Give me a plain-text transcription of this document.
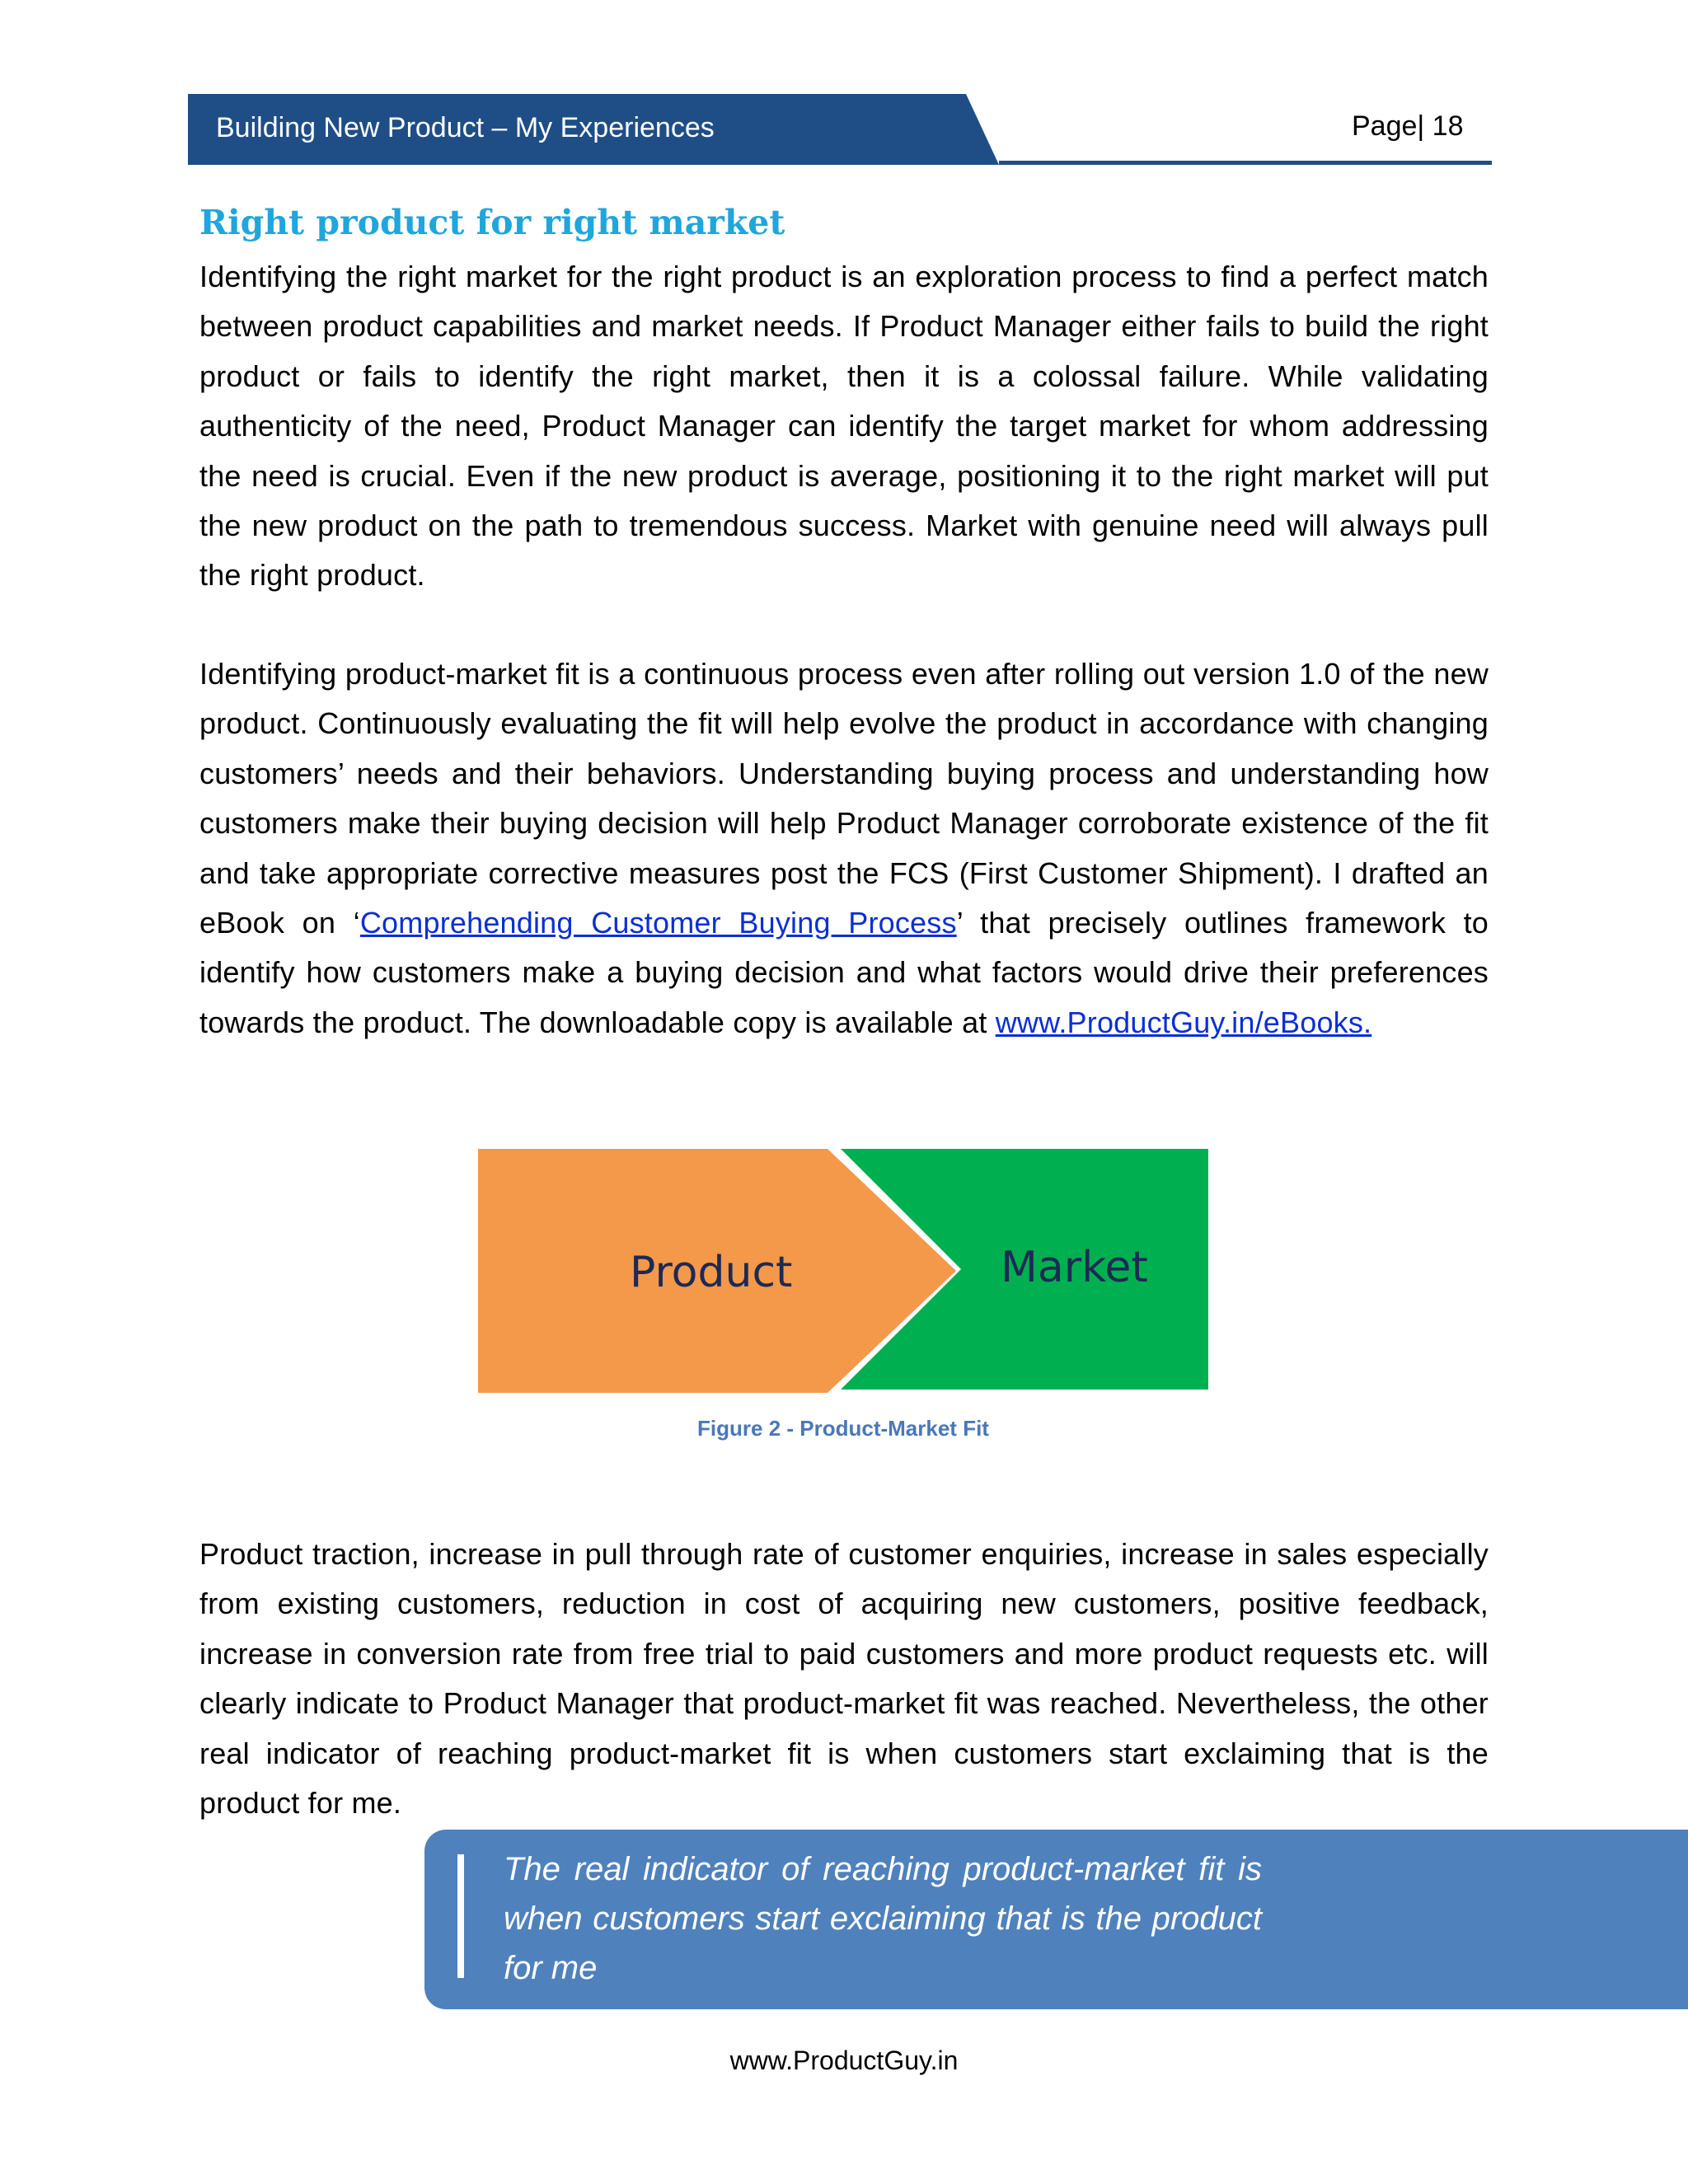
Building New Product – My Experiences	Page| 18
Right product for right market
Identifying the right market for the right product is an exploration process to find a perfect match between product capabilities and market needs. If Product Manager either fails to build the right product or fails to identify the right market, then it is a colossal failure. While validating authenticity of the need, Product Manager can identify the target market for whom addressing the need is crucial. Even if the new product is average, positioning it to the right market will put the new product on the path to tremendous success. Market with genuine need will always pull the right product.
Identifying product-market fit is a continuous process even after rolling out version 1.0 of the new product. Continuously evaluating the fit will help evolve the product in accordance with changing customers’ needs and their behaviors. Understanding buying process and understanding how customers make their buying decision will help Product Manager corroborate existence of the fit and take appropriate corrective measures post the FCS (First Customer Shipment). I drafted an eBook on ‘Comprehending Customer Buying Process’ that precisely outlines framework to identify how customers make a buying decision and what factors would drive their preferences towards the product. The downloadable copy is available at www.ProductGuy.in/eBooks.
Product	Market
Figure 2 - Product-Market Fit
Product traction, increase in pull through rate of customer enquiries, increase in sales especially from existing customers, reduction in cost of acquiring new customers, positive feedback, increase in conversion rate from free trial to paid customers and more product requests etc. will clearly indicate to Product Manager that product-market fit was reached. Nevertheless, the other real indicator of reaching product-market fit is when customers start exclaiming that is the product for me.
The real indicator of reaching product-market fit is when customers start exclaiming that is the product for me
www.ProductGuy.in
